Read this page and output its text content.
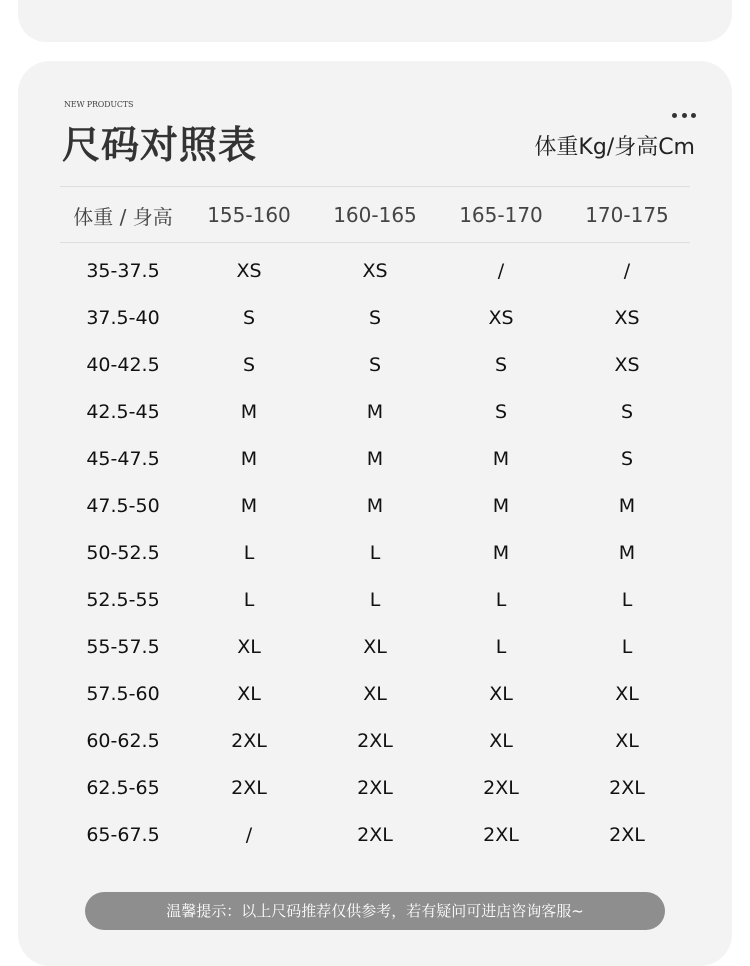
NEW PRODUCTS
尺码对照表	体重Kg/身高Cm
体重 / 身高	155-160	160-165	165-170	170-175
35-37.5	XS	XS	/	/
37.5-40	S	S	XS	XS
40-42.5	S	S	S	XS
42.5-45	M	M	S	S
45-47.5	M	M	M	S
47.5-50	M	M	M	M
50-52.5	L	L	M	M
52.5-55	L	L	L	L
55-57.5	XL	XL	L	L
57.5-60	XL	XL	XL	XL
60-62.5	2XL	2XL	XL	XL
62.5-65	2XL	2XL	2XL	2XL
65-67.5	/	2XL	2XL	2XL
温馨提示：以上尺码推荐仅供参考，若有疑问可进店咨询客服~
